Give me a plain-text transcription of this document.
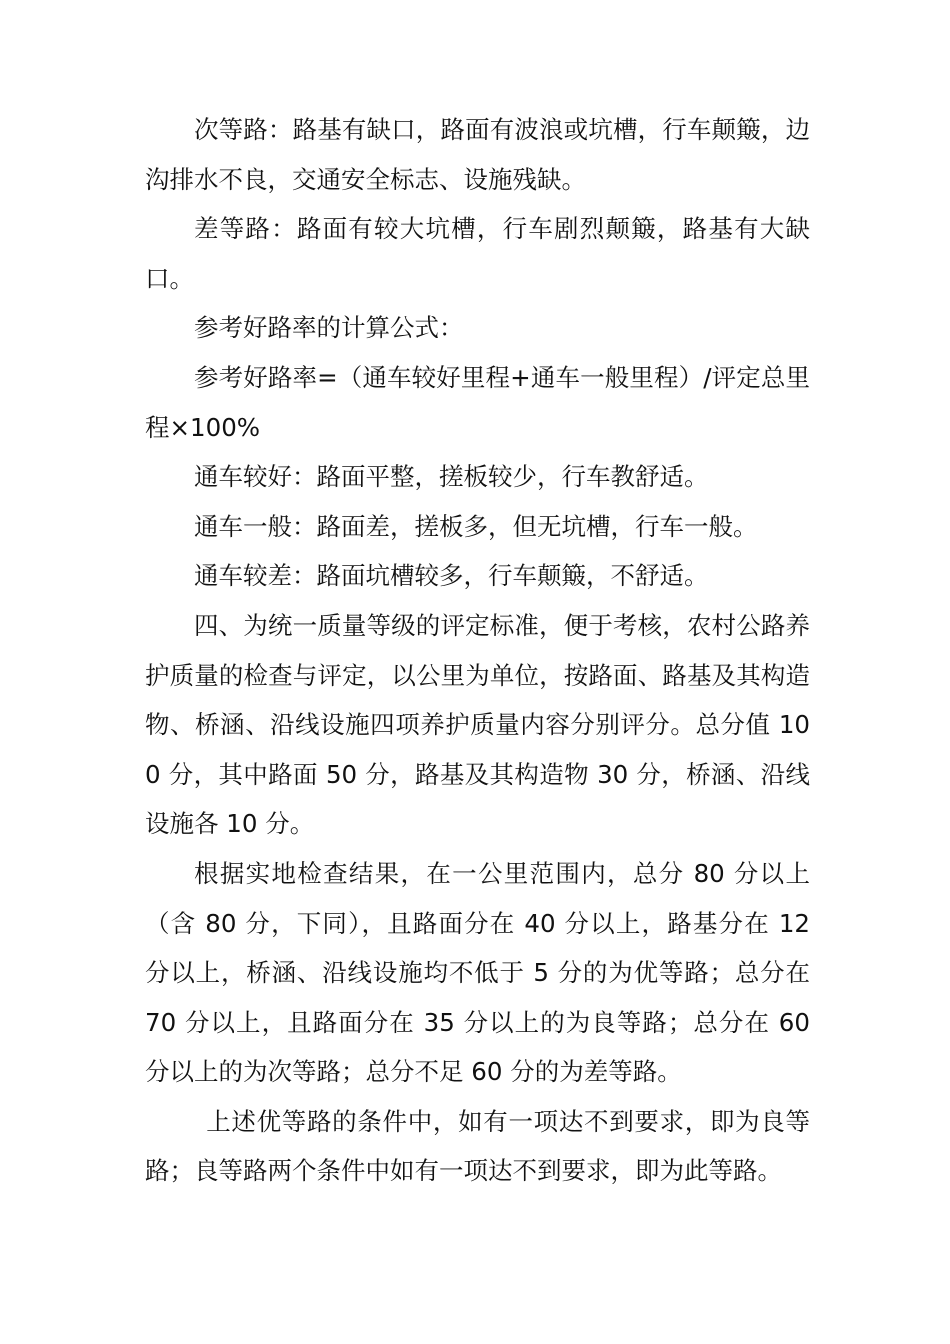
次等路：路基有缺口，路面有波浪或坑槽，行车颠簸，边沟排水不良，交通安全标志、设施残缺。

差等路：路面有较大坑槽，行车剧烈颠簸，路基有大缺口。

参考好路率的计算公式：

参考好路率=（通车较好里程+通车一般里程）/评定总里程×100%

通车较好：路面平整，搓板较少，行车教舒适。

通车一般：路面差，搓板多，但无坑槽，行车一般。

通车较差：路面坑槽较多，行车颠簸，不舒适。

四、为统一质量等级的评定标准，便于考核，农村公路养护质量的检查与评定，以公里为单位，按路面、路基及其构造物、桥涵、沿线设施四项养护质量内容分别评分。总分值 100 分，其中路面 50 分，路基及其构造物 30 分，桥涵、沿线设施各 10 分。

根据实地检查结果，在一公里范围内，总分 80 分以上（含 80 分，下同），且路面分在 40 分以上，路基分在 12 分以上，桥涵、沿线设施均不低于 5 分的为优等路；总分在 70 分以上，且路面分在 35 分以上的为良等路；总分在 60 分以上的为次等路；总分不足 60 分的为差等路。

上述优等路的条件中，如有一项达不到要求，即为良等路；良等路两个条件中如有一项达不到要求，即为此等路。
